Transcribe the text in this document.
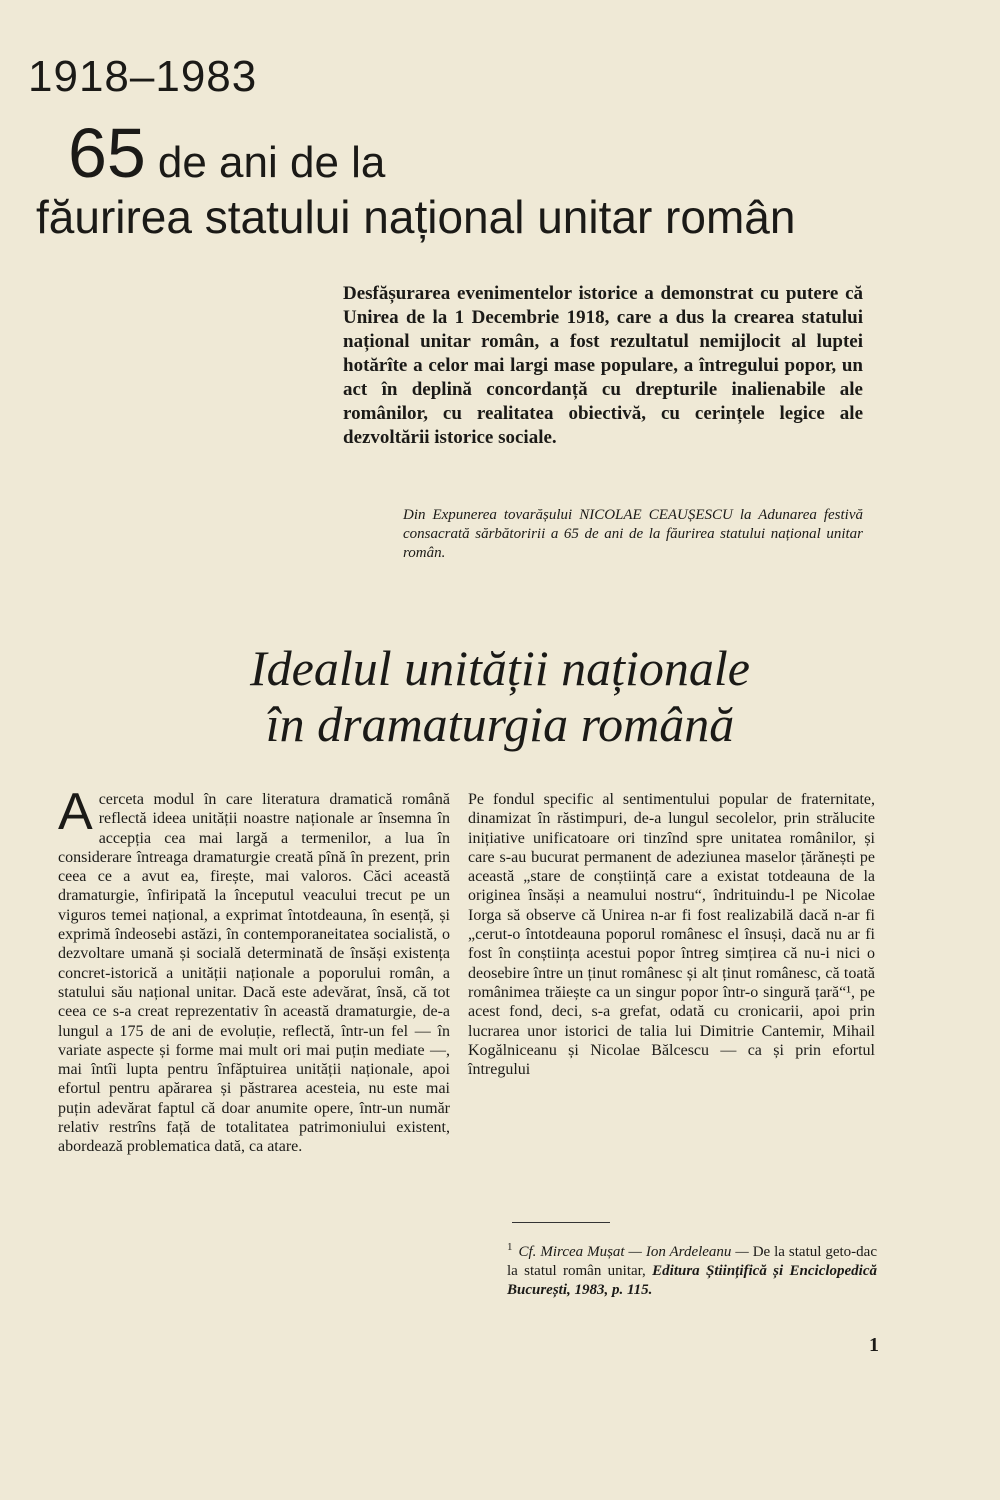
1918–1983
65 de ani de la
făurirea statului național unitar român
Desfășurarea evenimentelor istorice a demonstrat cu putere că Unirea de la 1 Decembrie 1918, care a dus la crearea statului național unitar român, a fost rezultatul nemijlocit al luptei hotărîte a celor mai largi mase populare, a întregului popor, un act în deplină concordanță cu drepturile inalienabile ale românilor, cu realitatea obiectivă, cu cerințele legice ale dezvoltării istorice sociale.
Din Expunerea tovarășului NICOLAE CEAUȘESCU la Adunarea festivă consacrată sărbătoririi a 65 de ani de la făurirea statului național unitar român.
Idealul unității naționale
în dramaturgia română
Acerceta modul în care literatura dramatică română reflectă ideea unității noastre naționale ar însemna în accepția cea mai largă a termenilor, a lua în considerare întreaga dramaturgie creată pînă în prezent, prin ceea ce a avut ea, firește, mai valoros. Căci această dramaturgie, înfiripată la începutul veacului trecut pe un viguros temei național, a exprimat întotdeauna, în esență, și exprimă îndeosebi astăzi, în contemporaneitatea socialistă, o dezvoltare umană și socială determinată de însăși existența concret-istorică a unității naționale a poporului român, a statului său național unitar. Dacă este adevărat, însă, că tot ceea ce s-a creat reprezentativ în această dramaturgie, de-a lungul a 175 de ani de evoluție, reflectă, într-un fel — în variate aspecte și forme mai mult ori mai puțin mediate —, mai întîi lupta pentru înfăptuirea unității naționale, apoi efortul pentru apărarea și păstrarea acesteia, nu este mai puțin adevărat faptul că doar anumite opere, într-un număr relativ restrîns față de totalitatea patrimoniului existent, abordează problematica dată, ca atare.
Pe fondul specific al sentimentului popular de fraternitate, dinamizat în răstimpuri, de-a lungul secolelor, prin strălucite inițiative unificatoare ori tinzînd spre unitatea românilor, și care s-au bucurat permanent de adeziunea maselor țărănești pe această „stare de conștiință care a existat totdeauna de la originea însăși a neamului nostru“, îndrituindu-l pe Nicolae Iorga să observe că Unirea n-ar fi fost realizabilă dacă n-ar fi „cerut-o întotdeauna poporul românesc el însuși, dacă nu ar fi fost în conștiința acestui popor întreg simțirea că nu-i nici o deosebire între un ținut românesc și alt ținut românesc, că toată românimea trăiește ca un singur popor într-o singură țară“¹, pe acest fond, deci, s-a grefat, odată cu cronicarii, apoi prin lucrarea unor istorici de talia lui Dimitrie Cantemir, Mihail Kogălniceanu și Nicolae Bălcescu — ca și prin efortul întregului
$^1$ Cf. Mircea Mușat — Ion Ardeleanu — De la statul geto-dac la statul român unitar, Editura Științifică și Enciclopedică București, 1983, p. 115.
1
